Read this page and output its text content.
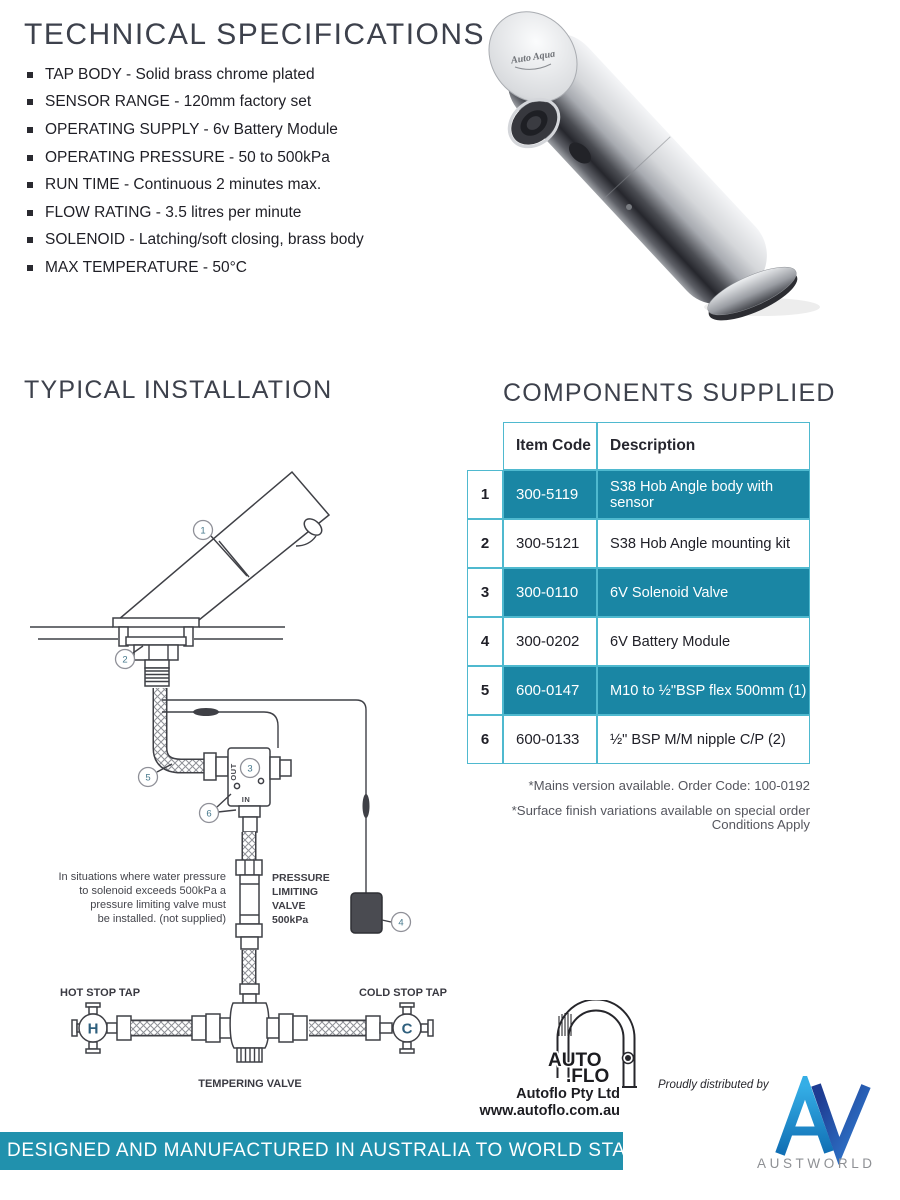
TECHNICAL SPECIFICATIONS
TAP BODY - Solid brass chrome plated
SENSOR RANGE - 120mm factory set
OPERATING SUPPLY - 6v Battery Module
OPERATING PRESSURE - 50 to 500kPa
RUN TIME - Continuous 2 minutes max.
FLOW RATING - 3.5 litres per minute
SOLENOID - Latching/soft closing, brass body
MAX TEMPERATURE - 50°C
Auto Aqua
TYPICAL INSTALLATION	COMPONENTS SUPPLIED
OUT
IN
PRESSURE
LIMITING
VALVE
500kPa
In situations where water pressure
to solenoid exceeds 500kPa a
pressure limiting valve must
be installed. (not supplied)
H	C
HOT STOP TAP	COLD STOP TAP
TEMPERING VALVE
1
2
5
3
6
4
Item Code	Description
1	300-5119	S38 Hob Angle body with sensor
2	300-5121	S38 Hob Angle mounting kit
3	300-0110	6V Solenoid Valve
4	300-0202	6V Battery Module
5	600-0147	M10 to ½"BSP flex 500mm (1)
6	600-0133	½" BSP M/M nipple C/P (2)

*Mains version available. Order Code: 100-0192

*Surface finish variations available on special order

Conditions Apply

AUTO
.FLO
Autoflo Pty Ltd
www.autoflo.com.au
Proudly distributed by
AUSTWORLD
DESIGNED AND MANUFACTURED IN AUSTRALIA TO WORLD STANDARD
